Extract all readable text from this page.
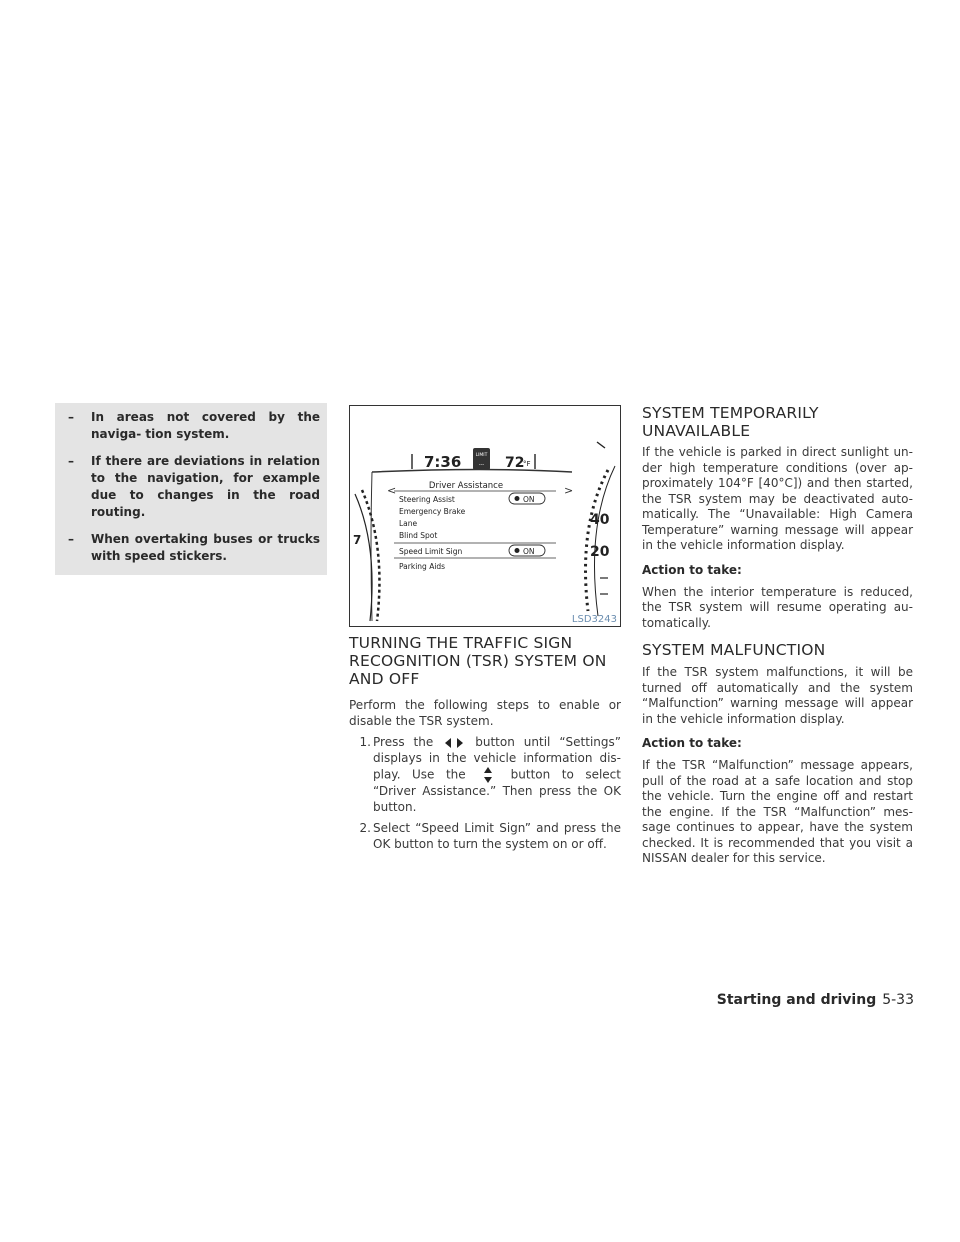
– In areas not covered by the naviga- tion system.
– If there are deviations in relation to the navigation, for example due to changes in the road routing.
– When overtaking buses or trucks with speed stickers.
7:36	LIMIT
--- 72
°F
Driver Assistance
<	>
Steering Assist
Emergency Brake
Lane
Blind Spot
Speed Limit Sign
Parking Aids
ON
ON
7
40
20
LSD3243
TURNING THE TRAFFIC SIGN
RECOGNITION (TSR) SYSTEM ON
AND OFF

Perform the following steps to enable or disable the TSR system.

1. Press the	button until “Settings” displays in the vehicle information dis- play. Use the	button to select “Driver Assistance.” Then press the OK button.
2. Select “Speed Limit Sign” and press the OK button to turn the system on or off.
SYSTEM TEMPORARILY
UNAVAILABLE

If the vehicle is parked in direct sunlight un- der high temperature conditions (over ap- proximately 104°F [40°C]) and then started, the TSR system may be deactivated auto- matically. The “Unavailable: High Camera Temperature” warning message will appear in the vehicle information display.

Action to take:

When the interior temperature is reduced, the TSR system will resume operating au- tomatically.

SYSTEM MALFUNCTION

If the TSR system malfunctions, it will be turned off automatically and the system “Malfunction” warning message will appear in the vehicle information display.

Action to take:

If the TSR “Malfunction” message appears, pull of the road at a safe location and stop the vehicle. Turn the engine off and restart the engine. If the TSR “Malfunction” mes- sage continues to appear, have the system checked. It is recommended that you visit a NISSAN dealer for this service.

Starting and driving 5-33
